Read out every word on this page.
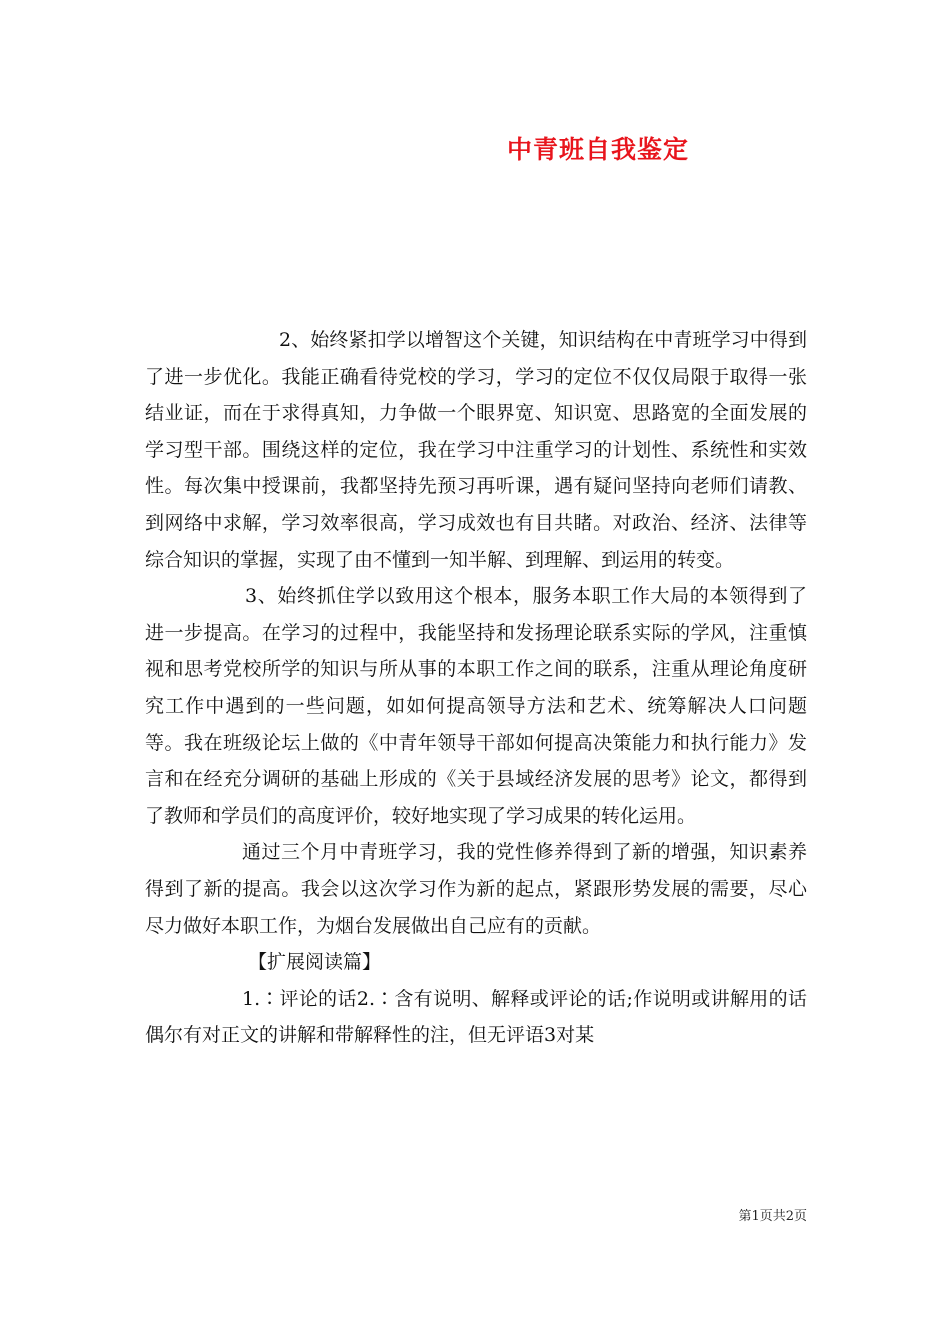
中青班自我鉴定

2、始终紧扣学以增智这个关键，知识结构在中青班学习中得到了进一步优化。我能正确看待党校的学习，学习的定位不仅仅局限于取得一张结业证，而在于求得真知，力争做一个眼界宽、知识宽、思路宽的全面发展的学习型干部。围绕这样的定位，我在学习中注重学习的计划性、系统性和实效性。每次集中授课前，我都坚持先预习再听课，遇有疑问坚持向老师们请教、到网络中求解，学习效率很高，学习成效也有目共睹。对政治、经济、法律等综合知识的掌握，实现了由不懂到一知半解、到理解、到运用的转变。

3、始终抓住学以致用这个根本，服务本职工作大局的本领得到了进一步提高。在学习的过程中，我能坚持和发扬理论联系实际的学风，注重慎视和思考党校所学的知识与所从事的本职工作之间的联系，注重从理论角度研究工作中遇到的一些问题，如如何提高领导方法和艺术、统筹解决人口问题等。我在班级论坛上做的《中青年领导干部如何提高决策能力和执行能力》发言和在经充分调研的基础上形成的《关于县域经济发展的思考》论文，都得到了教师和学员们的高度评价，较好地实现了学习成果的转化运用。

通过三个月中青班学习，我的党性修养得到了新的增强，知识素养得到了新的提高。我会以这次学习作为新的起点，紧跟形势发展的需要，尽心尽力做好本职工作，为烟台发展做出自己应有的贡献。

【扩展阅读篇】

1.∶评论的话2.∶含有说明、解释或评论的话;作说明或讲解用的话偶尔有对正文的讲解和带解释性的注，但无评语3对某

第1页共2页
